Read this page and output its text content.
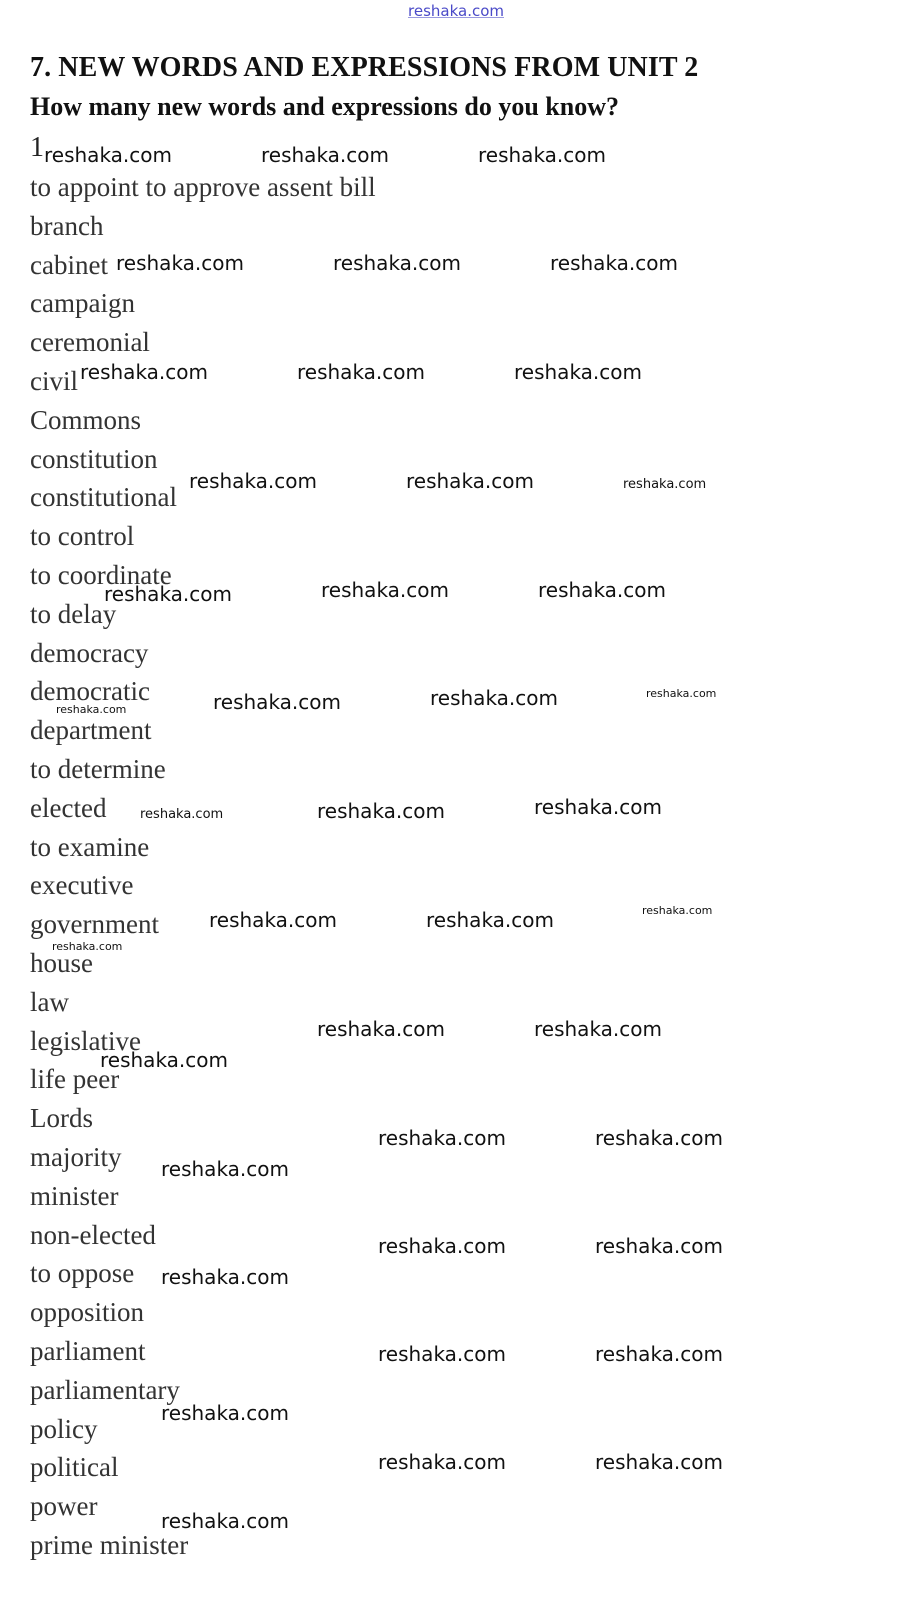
reshaka.com
7. NEW WORDS AND EXPRESSIONS FROM UNIT 2
How many new words and expressions do you know?
1
to appoint to approve assent bill
branch
cabinet
campaign
ceremonial
civil
Commons
constitution
constitutional
to control
to coordinate
to delay
democracy
democratic
department
to determine
elected
to examine
executive
government
house
law
legislative
life peer
Lords
majority
minister
non-elected
to oppose
opposition
parliament
parliamentary
policy
political
power
prime minister
reshaka.com	reshaka.com	reshaka.com
reshaka.com	reshaka.com	reshaka.com
reshaka.com	reshaka.com	reshaka.com
reshaka.com	reshaka.com	reshaka.com
reshaka.com	reshaka.com	reshaka.com
reshaka.com	reshaka.com	reshaka.com	reshaka.com
reshaka.com	reshaka.com	reshaka.com
reshaka.com	reshaka.com	reshaka.com
reshaka.com
reshaka.com	reshaka.com
reshaka.com
reshaka.com	reshaka.com
reshaka.com
reshaka.com	reshaka.com
reshaka.com
reshaka.com	reshaka.com
reshaka.com
reshaka.com	reshaka.com
reshaka.com
